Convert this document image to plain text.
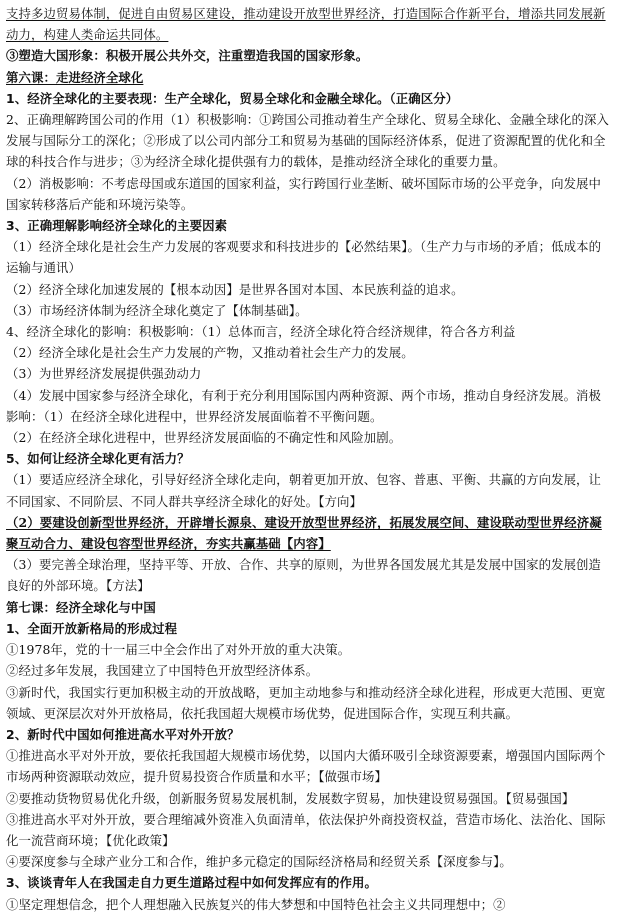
支持多边贸易体制，促进自由贸易区建设，推动建设开放型世界经济，打造国际合作新平台，增添共同发展新动力，构建人类命运共同体。

③塑造大国形象：积极开展公共外交，注重塑造我国的国家形象。

第六课：走进经济全球化

1、经济全球化的主要表现：生产全球化，贸易全球化和金融全球化。（正确区分）

2、正确理解跨国公司的作用（1）积极影响：①跨国公司推动着生产全球化、贸易全球化、金融全球化的深入发展与国际分工的深化；②形成了以公司内部分工和贸易为基础的国际经济体系，促进了资源配置的优化和全球的科技合作与进步；③为经济全球化提供强有力的载体，是推动经济全球化的重要力量。

（2）消极影响：不考虑母国或东道国的国家利益，实行跨国行业垄断、破坏国际市场的公平竞争，向发展中国家转移落后产能和环境污染等。

3、正确理解影响经济全球化的主要因素

（1）经济全球化是社会生产力发展的客观要求和科技进步的【必然结果】。（生产力与市场的矛盾；低成本的运输与通讯）

（2）经济全球化加速发展的【根本动因】是世界各国对本国、本民族利益的追求。

（3）市场经济体制为经济全球化奠定了【体制基础】。

4、经济全球化的影响：积极影响：（1）总体而言，经济全球化符合经济规律，符合各方利益

（2）经济全球化是社会生产力发展的产物，又推动着社会生产力的发展。

（3）为世界经济发展提供强劲动力

（4）发展中国家参与经济全球化，有利于充分利用国际国内两种资源、两个市场，推动自身经济发展。消极影响：（1）在经济全球化进程中，世界经济发展面临着不平衡问题。

（2）在经济全球化进程中，世界经济发展面临的不确定性和风险加剧。

5、如何让经济全球化更有活力？

（1）要适应经济全球化，引导好经济全球化走向，朝着更加开放、包容、普惠、平衡、共赢的方向发展，让不同国家、不同阶层、不同人群共享经济全球化的好处。【方向】

（2）要建设创新型世界经济，开辟增长源泉、建设开放型世界经济，拓展发展空间、建设联动型世界经济凝聚互动合力、建设包容型世界经济，夯实共赢基础【内容】

（3）要完善全球治理，坚持平等、开放、合作、共享的原则，为世界各国发展尤其是发展中国家的发展创造良好的外部环境。【方法】

第七课：经济全球化与中国

1、全面开放新格局的形成过程

①1978年，党的十一届三中全会作出了对外开放的重大决策。

②经过多年发展，我国建立了中国特色开放型经济体系。

③新时代，我国实行更加积极主动的开放战略，更加主动地参与和推动经济全球化进程，形成更大范围、更宽领域、更深层次对外开放格局，依托我国超大规模市场优势，促进国际合作，实现互利共赢。

2、新时代中国如何推进高水平对外开放？

①推进高水平对外开放，要依托我国超大规模市场优势，以国内大循环吸引全球资源要素，增强国内国际两个市场两种资源联动效应，提升贸易投资合作质量和水平；【做强市场】

②要推动货物贸易优化升级，创新服务贸易发展机制，发展数字贸易，加快建设贸易强国。【贸易强国】

③推进高水平对外开放，要合理缩减外资准入负面清单，依法保护外商投资权益，营造市场化、法治化、国际化一流营商环境；【优化政策】

④要深度参与全球产业分工和合作，维护多元稳定的国际经济格局和经贸关系【深度参与】。

3、谈谈青年人在我国走自力更生道路过程中如何发挥应有的作用。

①坚定理想信念，把个人理想融入民族复兴的伟大梦想和中国特色社会主义共同理想中；②
